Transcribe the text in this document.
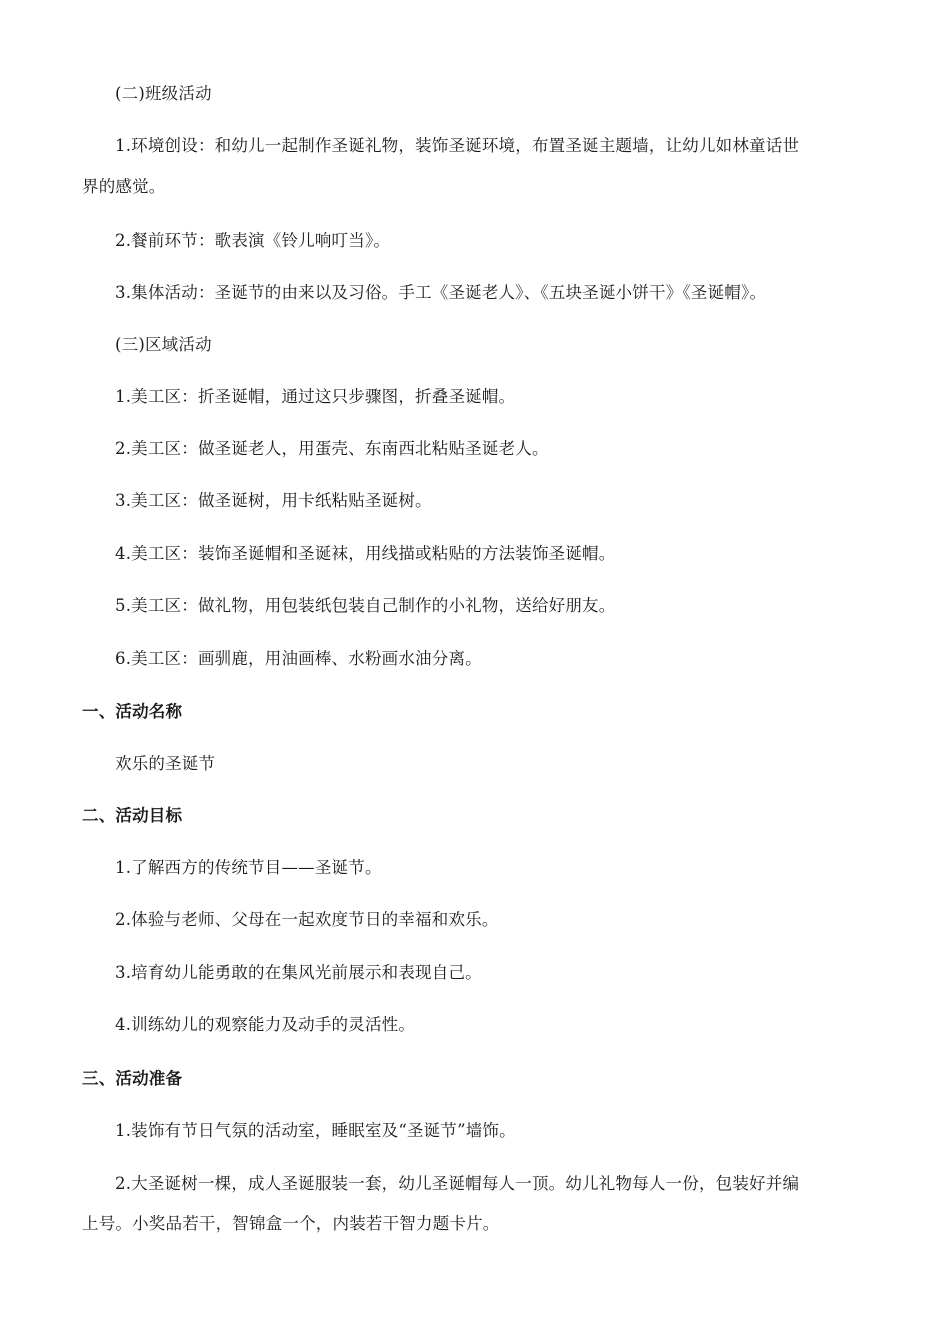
(二)班级活动
1.环境创设：和幼儿一起制作圣诞礼物，装饰圣诞环境，布置圣诞主题墙，让幼儿如林童话世
界的感觉。
2.餐前环节：歌表演《铃儿响叮当》。
3.集体活动：圣诞节的由来以及习俗。手工《圣诞老人》、《五块圣诞小饼干》《圣诞帽》。
(三)区域活动
1.美工区：折圣诞帽，通过这只步骤图，折叠圣诞帽。
2.美工区：做圣诞老人，用蛋壳、东南西北粘贴圣诞老人。
3.美工区：做圣诞树，用卡纸粘贴圣诞树。
4.美工区：装饰圣诞帽和圣诞袜，用线描或粘贴的方法装饰圣诞帽。
5.美工区：做礼物，用包装纸包装自己制作的小礼物，送给好朋友。
6.美工区：画驯鹿，用油画棒、水粉画水油分离。
一、活动名称
欢乐的圣诞节
二、活动目标
1.了解西方的传统节目——圣诞节。
2.体验与老师、父母在一起欢度节日的幸福和欢乐。
3.培育幼儿能勇敢的在集风光前展示和表现自己。
4.训练幼儿的观察能力及动手的灵活性。
三、活动准备
1.装饰有节日气氛的活动室，睡眠室及“圣诞节”墙饰。
2.大圣诞树一棵，成人圣诞服装一套，幼儿圣诞帽每人一顶。幼儿礼物每人一份，包装好并编
上号。小奖品若干，智锦盒一个，内装若干智力题卡片。
